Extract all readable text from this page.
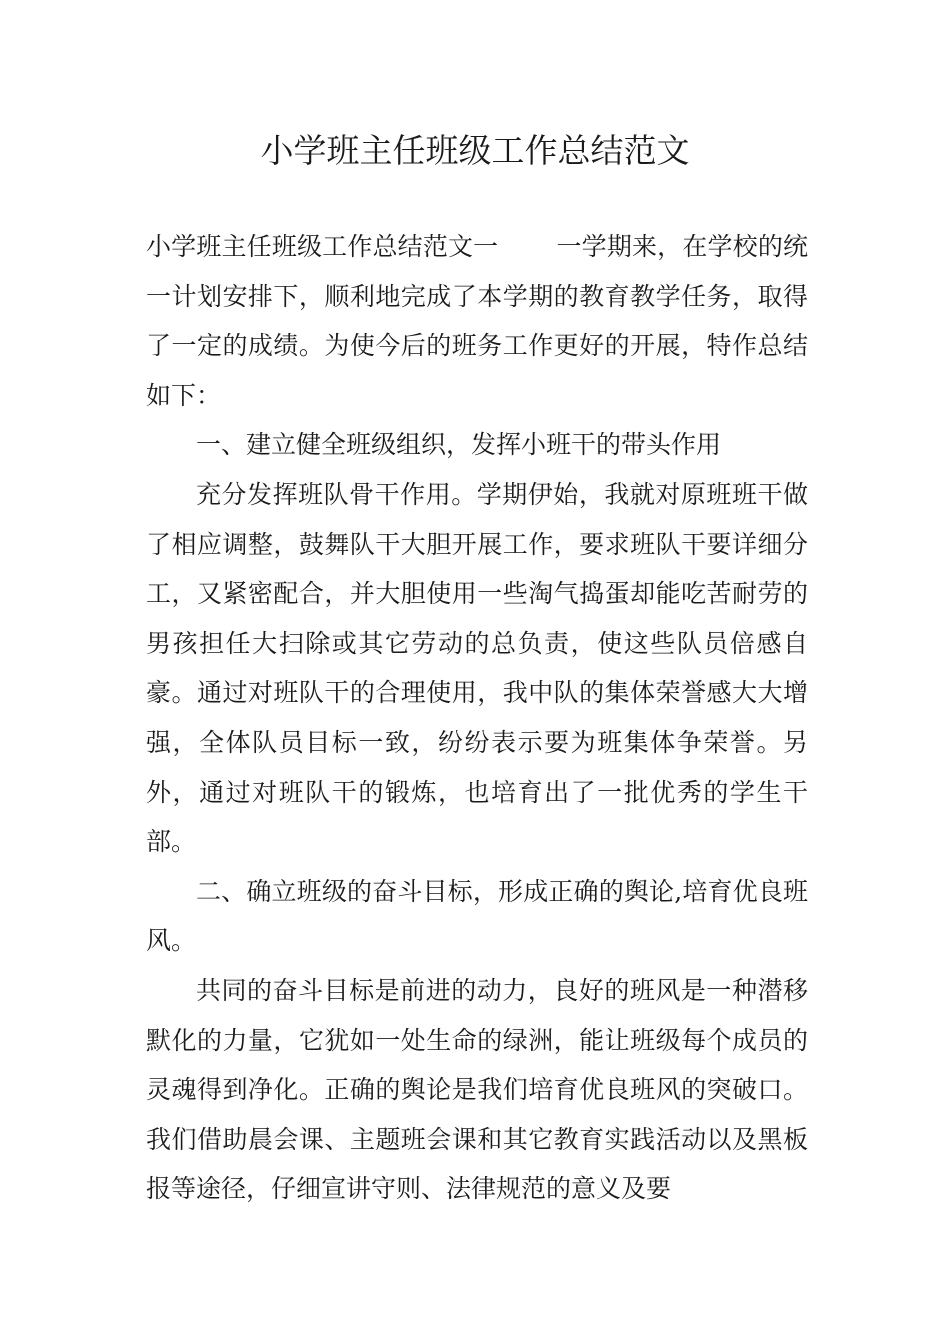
小学班主任班级工作总结范文

小学班主任班级工作总结范文一 一学期来，在学校的统一计划安排下，顺利地完成了本学期的教育教学任务，取得了一定的成绩。为使今后的班务工作更好的开展，特作总结如下：

一、建立健全班级组织，发挥小班干的带头作用

充分发挥班队骨干作用。学期伊始，我就对原班班干做了相应调整，鼓舞队干大胆开展工作，要求班队干要详细分工，又紧密配合，并大胆使用一些淘气捣蛋却能吃苦耐劳的男孩担任大扫除或其它劳动的总负责，使这些队员倍感自豪。通过对班队干的合理使用，我中队的集体荣誉感大大增强，全体队员目标一致，纷纷表示要为班集体争荣誉。另外，通过对班队干的锻炼，也培育出了一批优秀的学生干部。

二、确立班级的奋斗目标，形成正确的舆论,培育优良班风。

共同的奋斗目标是前进的动力，良好的班风是一种潜移默化的力量，它犹如一处生命的绿洲，能让班级每个成员的灵魂得到净化。正确的舆论是我们培育优良班风的突破口。我们借助晨会课、主题班会课和其它教育实践活动以及黑板报等途径，仔细宣讲守则、法律规范的意义及要
